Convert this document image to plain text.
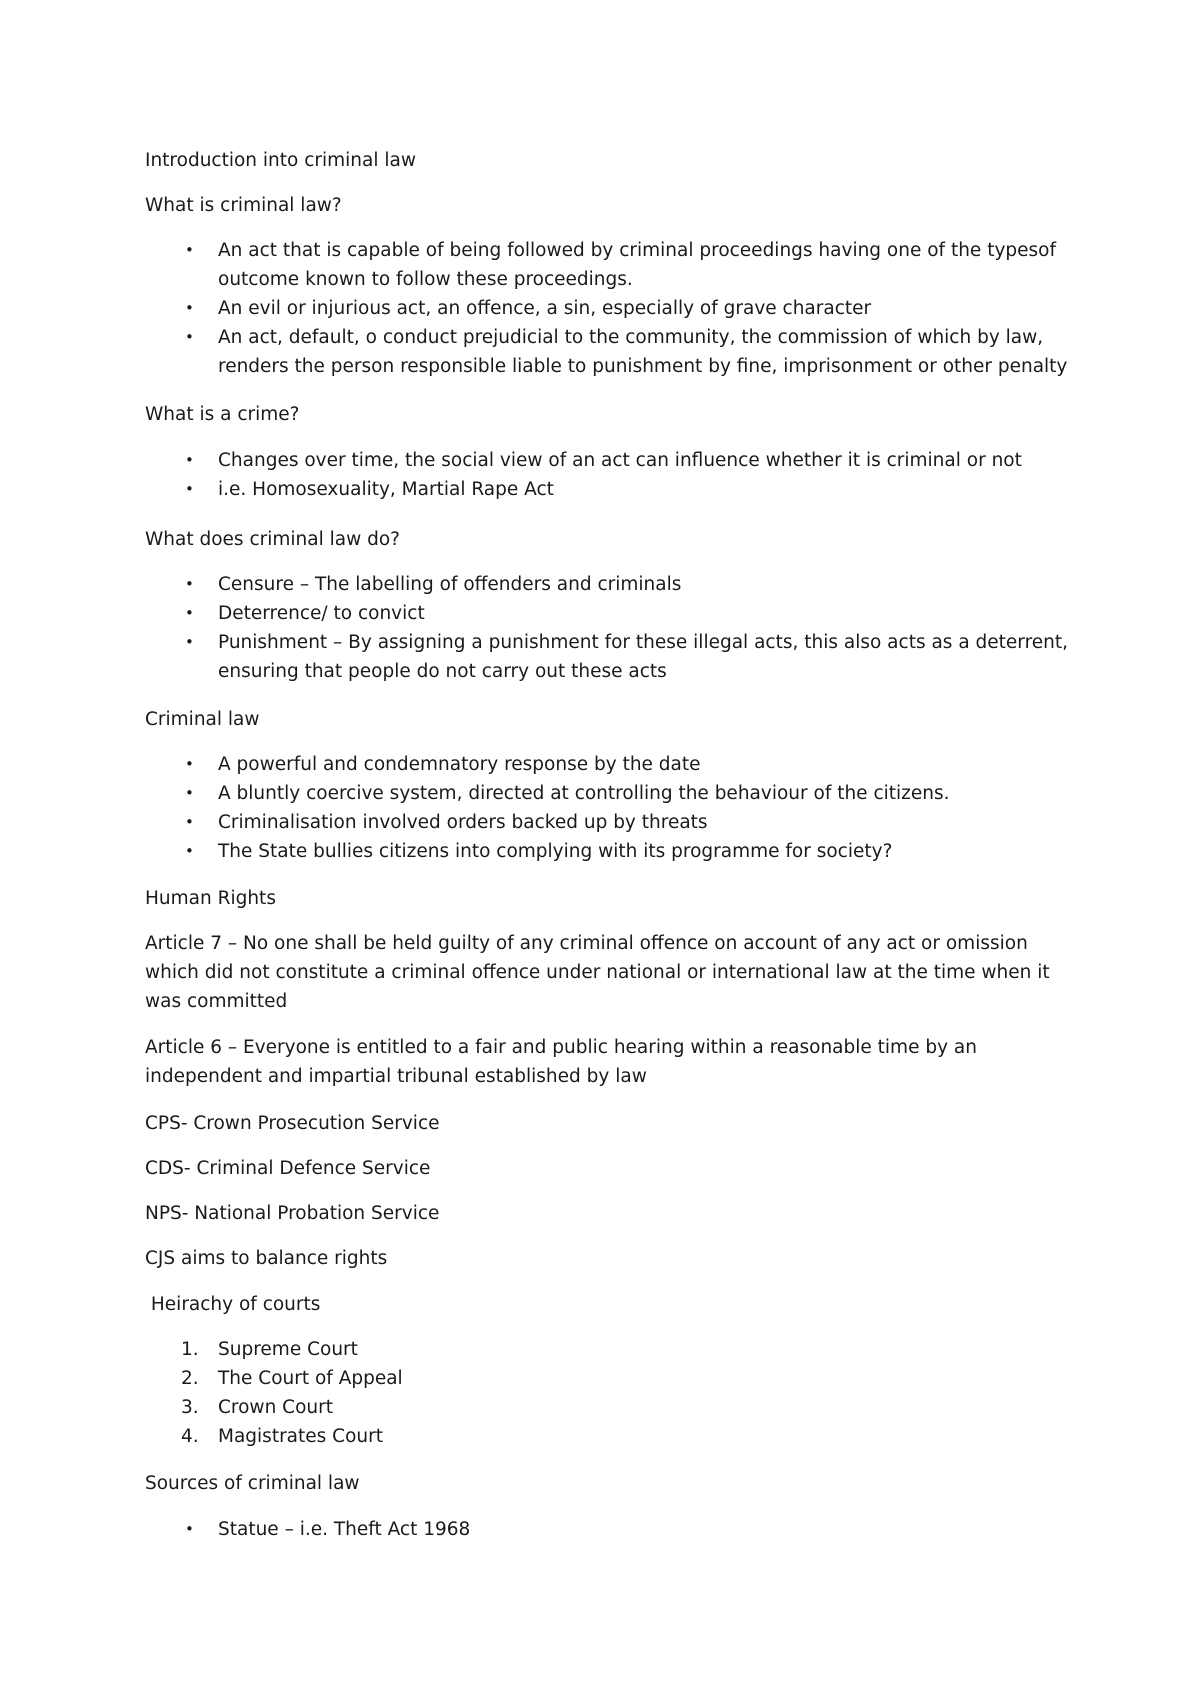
Introduction into criminal law

What is criminal law?

• An act that is capable of being followed by criminal proceedings having one of the typesof outcome known to follow these proceedings.
• An evil or injurious act, an offence, a sin, especially of grave character
• An act, default, o conduct prejudicial to the community, the commission of which by law, renders the person responsible liable to punishment by fine, imprisonment or other penalty

What is a crime?

• Changes over time, the social view of an act can influence whether it is criminal or not
• i.e. Homosexuality, Martial Rape Act

What does criminal law do?

• Censure – The labelling of offenders and criminals
• Deterrence/ to convict
• Punishment – By assigning a punishment for these illegal acts, this also acts as a deterrent, ensuring that people do not carry out these acts

Criminal law

• A powerful and condemnatory response by the date
• A bluntly coercive system, directed at controlling the behaviour of the citizens.
• Criminalisation involved orders backed up by threats
• The State bullies citizens into complying with its programme for society?

Human Rights

Article 7 – No one shall be held guilty of any criminal offence on account of any act or omission which did not constitute a criminal offence under national or international law at the time when it was committed

Article 6 – Everyone is entitled to a fair and public hearing within a reasonable time by an independent and impartial tribunal established by law

CPS- Crown Prosecution Service

CDS- Criminal Defence Service

NPS- National Probation Service

CJS aims to balance rights

Heirachy of courts

1. Supreme Court
2. The Court of Appeal
3. Crown Court
4. Magistrates Court

Sources of criminal law

• Statue – i.e. Theft Act 1968
